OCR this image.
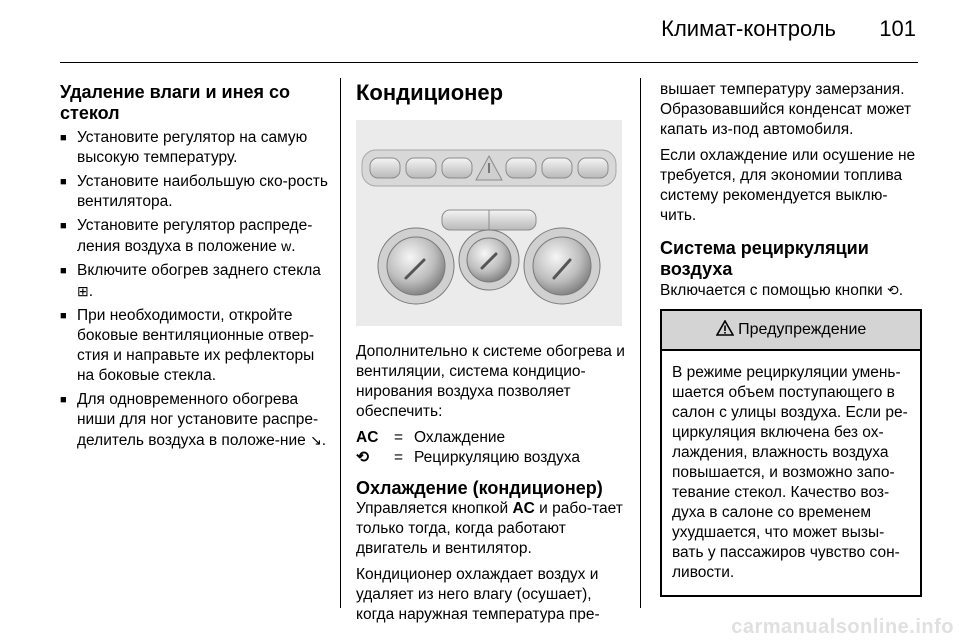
Климат-контроль 101
Удаление влаги и инея со стекол
■ Установите регулятор на самую высокую температуру.
■ Установите наибольшую ско-рость вентилятора.
■ Установите регулятор распреде-ления воздуха в положение ᴡ.
■ Включите обогрев заднего стекла ⊞.
■ При необходимости, откройте боковые вентиляционные отвер-стия и направьте их рефлекторы на боковые стекла.
■ Для одновременного обогрева ниши для ног установите распре-делитель воздуха в положе-ние ↘.
Кондиционер

Дополнительно к системе обогрева и вентиляции, система кондицио-нирования воздуха позволяет обеспечить:

AC	= Охлаждение
⟲	= Рециркуляцию воздуха
Охлаждение (кондиционер)

Управляется кнопкой AC и рабо-тает только тогда, когда работают двигатель и вентилятор.

Кондиционер охлаждает воздух и удаляет из него влагу (осушает), когда наружная температура пре-

вышает температуру замерзания. Образовавшийся конденсат может капать из-под автомобиля.

Если охлаждение или осушение не требуется, для экономии топлива систему рекомендуется выклю-чить.

Система рециркуляции воздуха

Включается с помощью кнопки ⟲.

Предупреждение
В режиме рециркуляции умень-шается объем поступающего в салон с улицы воздуха. Если ре-циркуляция включена без ох-лаждения, влажность воздуха повышается, и возможно запо-тевание стекол. Качество воз-духа в салоне со временем ухудшается, что может вызы-вать у пассажиров чувство сон-ливости.
carmanualsonline.info
